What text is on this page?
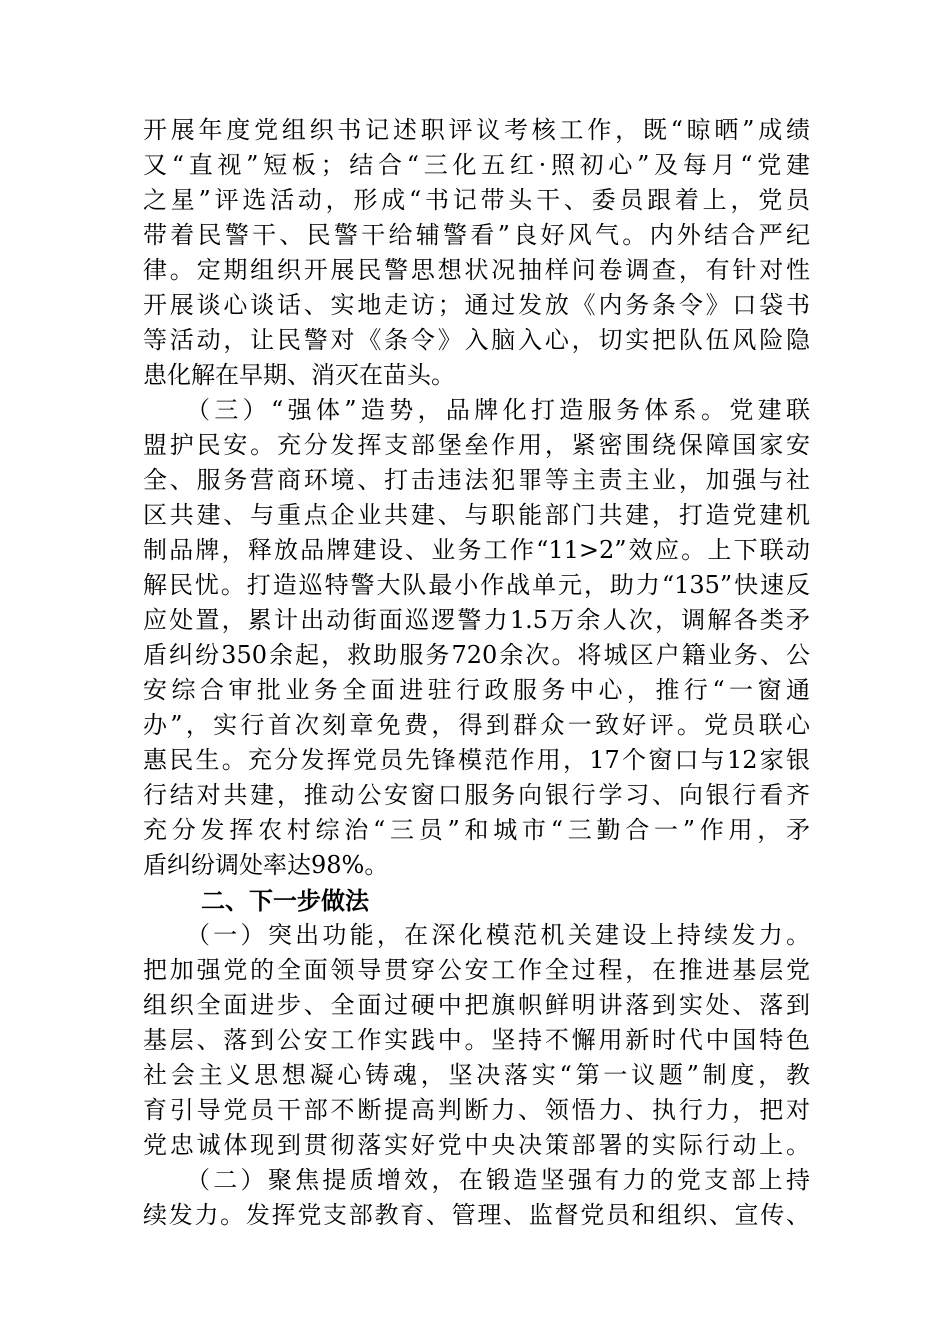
开展年度党组织书记述职评议考核工作，既“晾晒”成绩
又“直视”短板；结合“三化五红·照初心”及每月“党建
之星”评选活动，形成“书记带头干、委员跟着上，党员
带着民警干、民警干给辅警看”良好风气。内外结合严纪
律。定期组织开展民警思想状况抽样问卷调查，有针对性
开展谈心谈话、实地走访；通过发放《内务条令》口袋书
等活动，让民警对《条令》入脑入心，切实把队伍风险隐
患化解在早期、消灭在苗头。
（三）“强体”造势，品牌化打造服务体系。党建联
盟护民安。充分发挥支部堡垒作用，紧密围绕保障国家安
全、服务营商环境、打击违法犯罪等主责主业，加强与社
区共建、与重点企业共建、与职能部门共建，打造党建机
制品牌，释放品牌建设、业务工作“11>2”效应。上下联动
解民忧。打造巡特警大队最小作战单元，助力“135”快速反
应处置，累计出动街面巡逻警力1.5万余人次，调解各类矛
盾纠纷350余起，救助服务720余次。将城区户籍业务、公
安综合审批业务全面进驻行政服务中心，推行“一窗通
办”，实行首次刻章免费，得到群众一致好评。党员联心
惠民生。充分发挥党员先锋模范作用，17个窗口与12家银
行结对共建，推动公安窗口服务向银行学习、向银行看齐
充分发挥农村综治“三员”和城市“三勤合一”作用，矛
盾纠纷调处率达98%。
二、下一步做法
（一）突出功能，在深化模范机关建设上持续发力。
把加强党的全面领导贯穿公安工作全过程，在推进基层党
组织全面进步、全面过硬中把旗帜鲜明讲落到实处、落到
基层、落到公安工作实践中。坚持不懈用新时代中国特色
社会主义思想凝心铸魂，坚决落实“第一议题”制度，教
育引导党员干部不断提高判断力、领悟力、执行力，把对
党忠诚体现到贯彻落实好党中央决策部署的实际行动上。
（二）聚焦提质增效，在锻造坚强有力的党支部上持
续发力。发挥党支部教育、管理、监督党员和组织、宣传、
